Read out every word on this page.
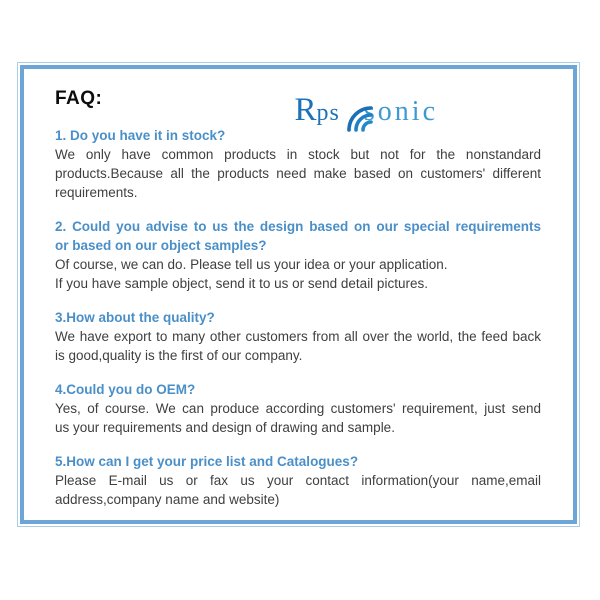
FAQ:	Rps sonic
1. Do you have it in stock?
We only have common products in stock but not for the nonstandard
products.Because all the products need make based on customers' different
requirements.
2. Could you advise to us the design based on our special requirements
or based on our object samples?
Of course, we can do. Please tell us your idea or your application.
If you have sample object, send it to us or send detail pictures.
3.How about the quality?
We have export to many other customers from all over the world, the feed back
is good,quality is the first of our company.
4.Could you do OEM?
Yes, of course. We can produce according customers' requirement, just send
us your requirements and design of drawing and sample.
5.How can I get your price list and Catalogues?
Please E-mail us or fax us your contact information(your name,email
address,company name and website)
